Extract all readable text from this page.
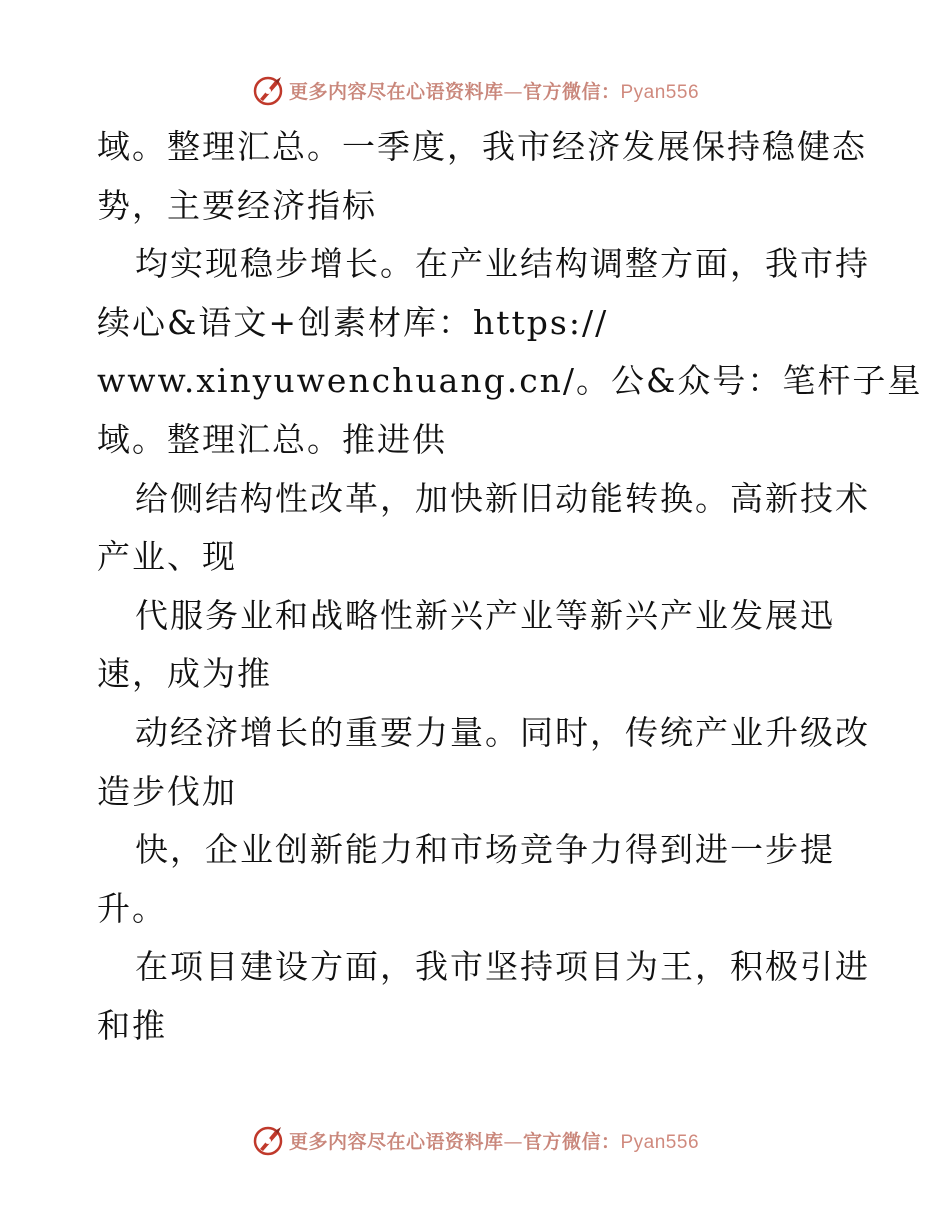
更多内容尽在心语资料库—官方微信：Pyan556
域。整理汇总。一季度，我市经济发展保持稳健态
势，主要经济指标
均实现稳步增长。在产业结构调整方面，我市持
续心&语文+创素材库：https://
www.xinyuwenchuang.cn/。公&众号：笔杆子星
域。整理汇总。推进供
给侧结构性改革，加快新旧动能转换。高新技术
产业、现
代服务业和战略性新兴产业等新兴产业发展迅
速，成为推
动经济增长的重要力量。同时，传统产业升级改
造步伐加
快，企业创新能力和市场竞争力得到进一步提
升。
在项目建设方面，我市坚持项目为王，积极引进
和推
更多内容尽在心语资料库—官方微信：Pyan556
